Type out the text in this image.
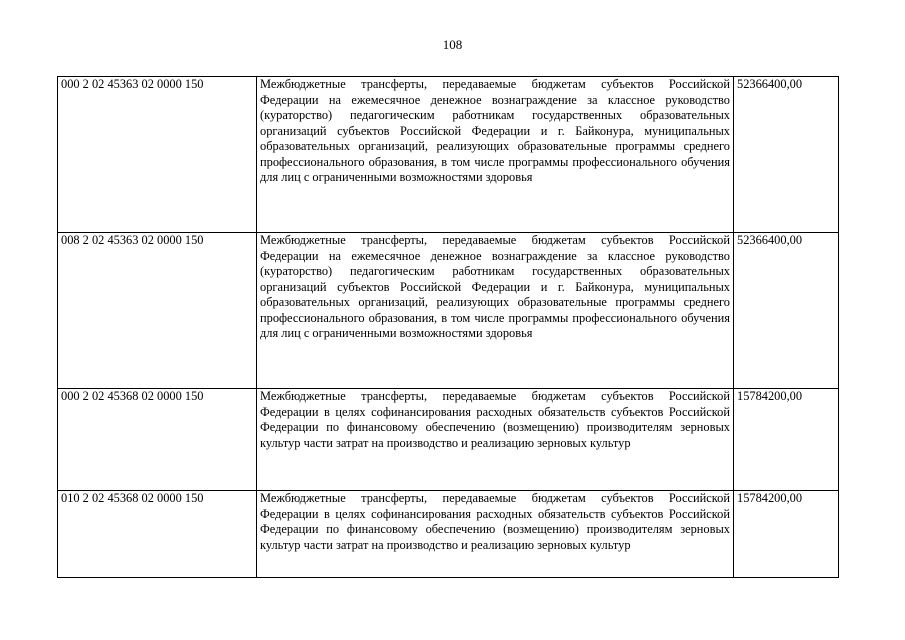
108
000 2 02 45363 02 0000 150	Межбюджетные трансферты, передаваемые бюджетам субъектов Российской Федерации на ежемесячное денежное вознаграждение за классное руководство (кураторство) педагогическим работникам государственных образовательных организаций субъектов Российской Федерации и г. Байконура, муниципальных образовательных организаций, реализующих образовательные программы среднего профессионального образования, в том числе программы профессионального обучения для лиц с ограниченными возможностями здоровья	52366400,00
008 2 02 45363 02 0000 150	Межбюджетные трансферты, передаваемые бюджетам субъектов Российской Федерации на ежемесячное денежное вознаграждение за классное руководство (кураторство) педагогическим работникам государственных образовательных организаций субъектов Российской Федерации и г. Байконура, муниципальных образовательных организаций, реализующих образовательные программы среднего профессионального образования, в том числе программы профессионального обучения для лиц с ограниченными возможностями здоровья	52366400,00
000 2 02 45368 02 0000 150	Межбюджетные трансферты, передаваемые бюджетам субъектов Российской Федерации в целях софинансирования расходных обязательств субъектов Российской Федерации по финансовому обеспечению (возмещению) производителям зерновых культур части затрат на производство и реализацию зерновых культур	15784200,00
010 2 02 45368 02 0000 150	Межбюджетные трансферты, передаваемые бюджетам субъектов Российской Федерации в целях софинансирования расходных обязательств субъектов Российской Федерации по финансовому обеспечению (возмещению) производителям зерновых культур части затрат на производство и реализацию зерновых культур	15784200,00
